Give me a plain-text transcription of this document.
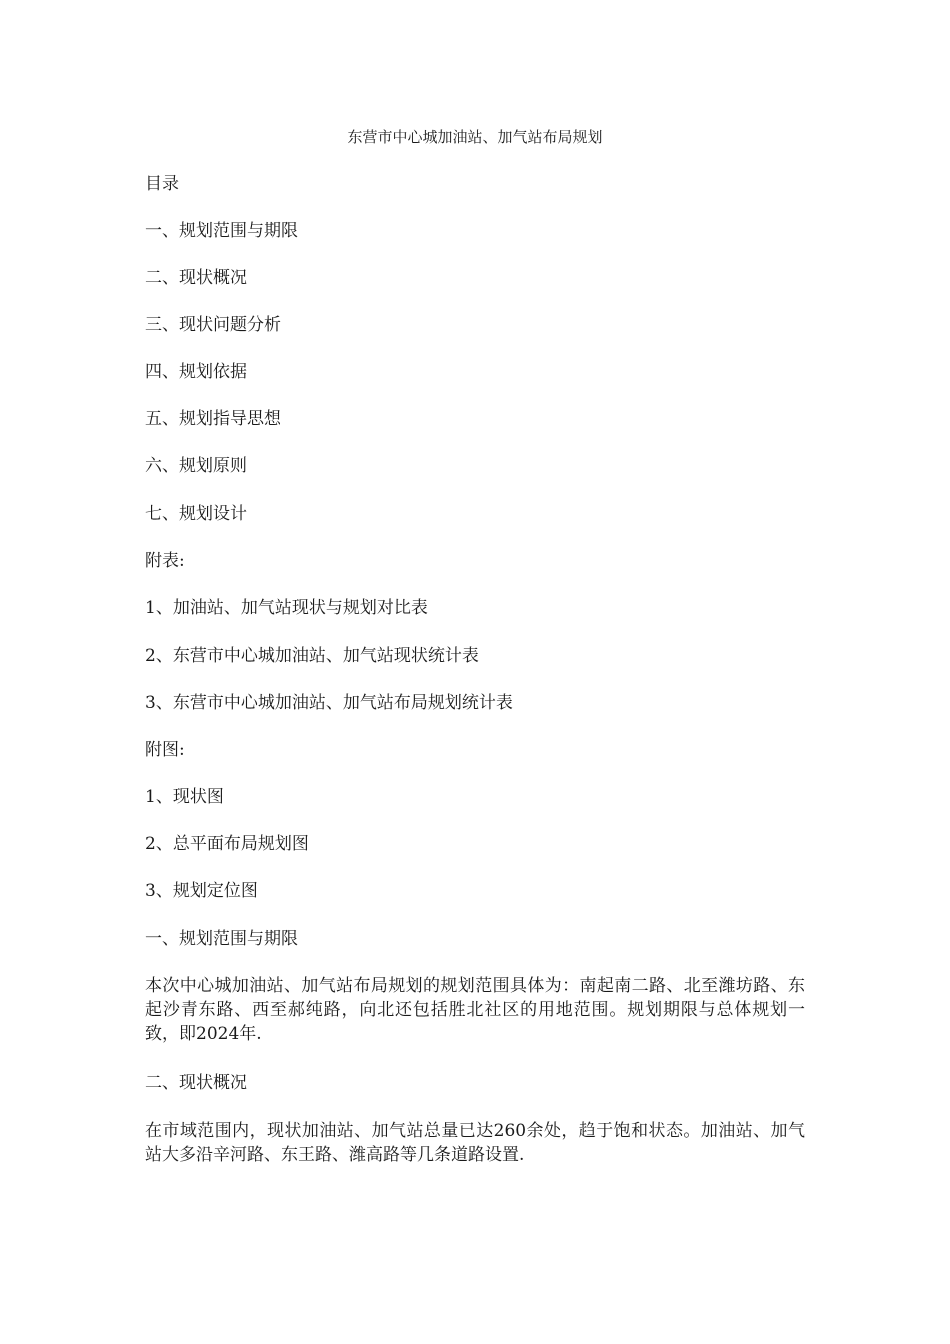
东营市中心城加油站、加气站布局规划
目录
一、规划范围与期限
二、现状概况
三、现状问题分析
四、规划依据
五、规划指导思想
六、规划原则
七、规划设计
附表:
1、加油站、加气站现状与规划对比表
2、东营市中心城加油站、加气站现状统计表
3、东营市中心城加油站、加气站布局规划统计表
附图:
1、现状图
2、总平面布局规划图
3、规划定位图
一、规划范围与期限
本次中心城加油站、加气站布局规划的规划范围具体为：南起南二路、北至潍坊路、东起沙青东路、西至郝纯路，向北还包括胜北社区的用地范围。规划期限与总体规划一致，即2024年.
二、现状概况
在市域范围内，现状加油站、加气站总量已达260余处，趋于饱和状态。加油站、加气站大多沿辛河路、东王路、潍高路等几条道路设置.
